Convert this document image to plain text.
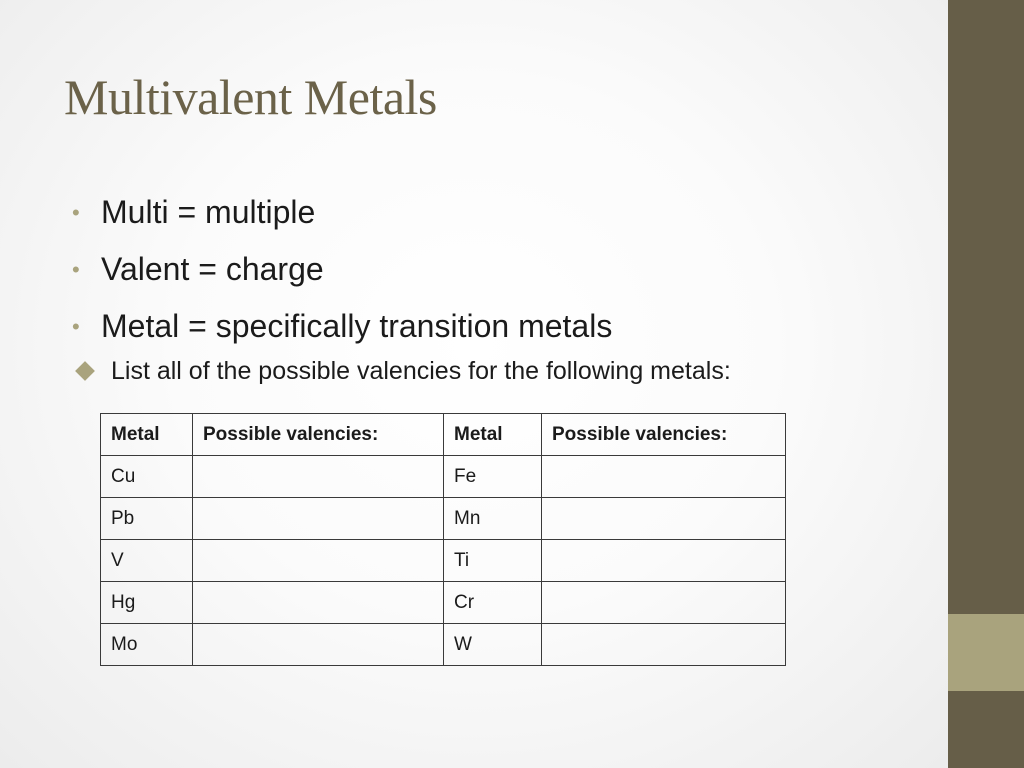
Multivalent Metals
• Multi = multiple
• Valent = charge
• Metal = specifically transition metals
List all of the possible valencies for the following metals:
Metal	Possible valencies:	Metal	Possible valencies:
Cu		Fe	
Pb		Mn	
V		Ti	
Hg		Cr	
Mo		W	
